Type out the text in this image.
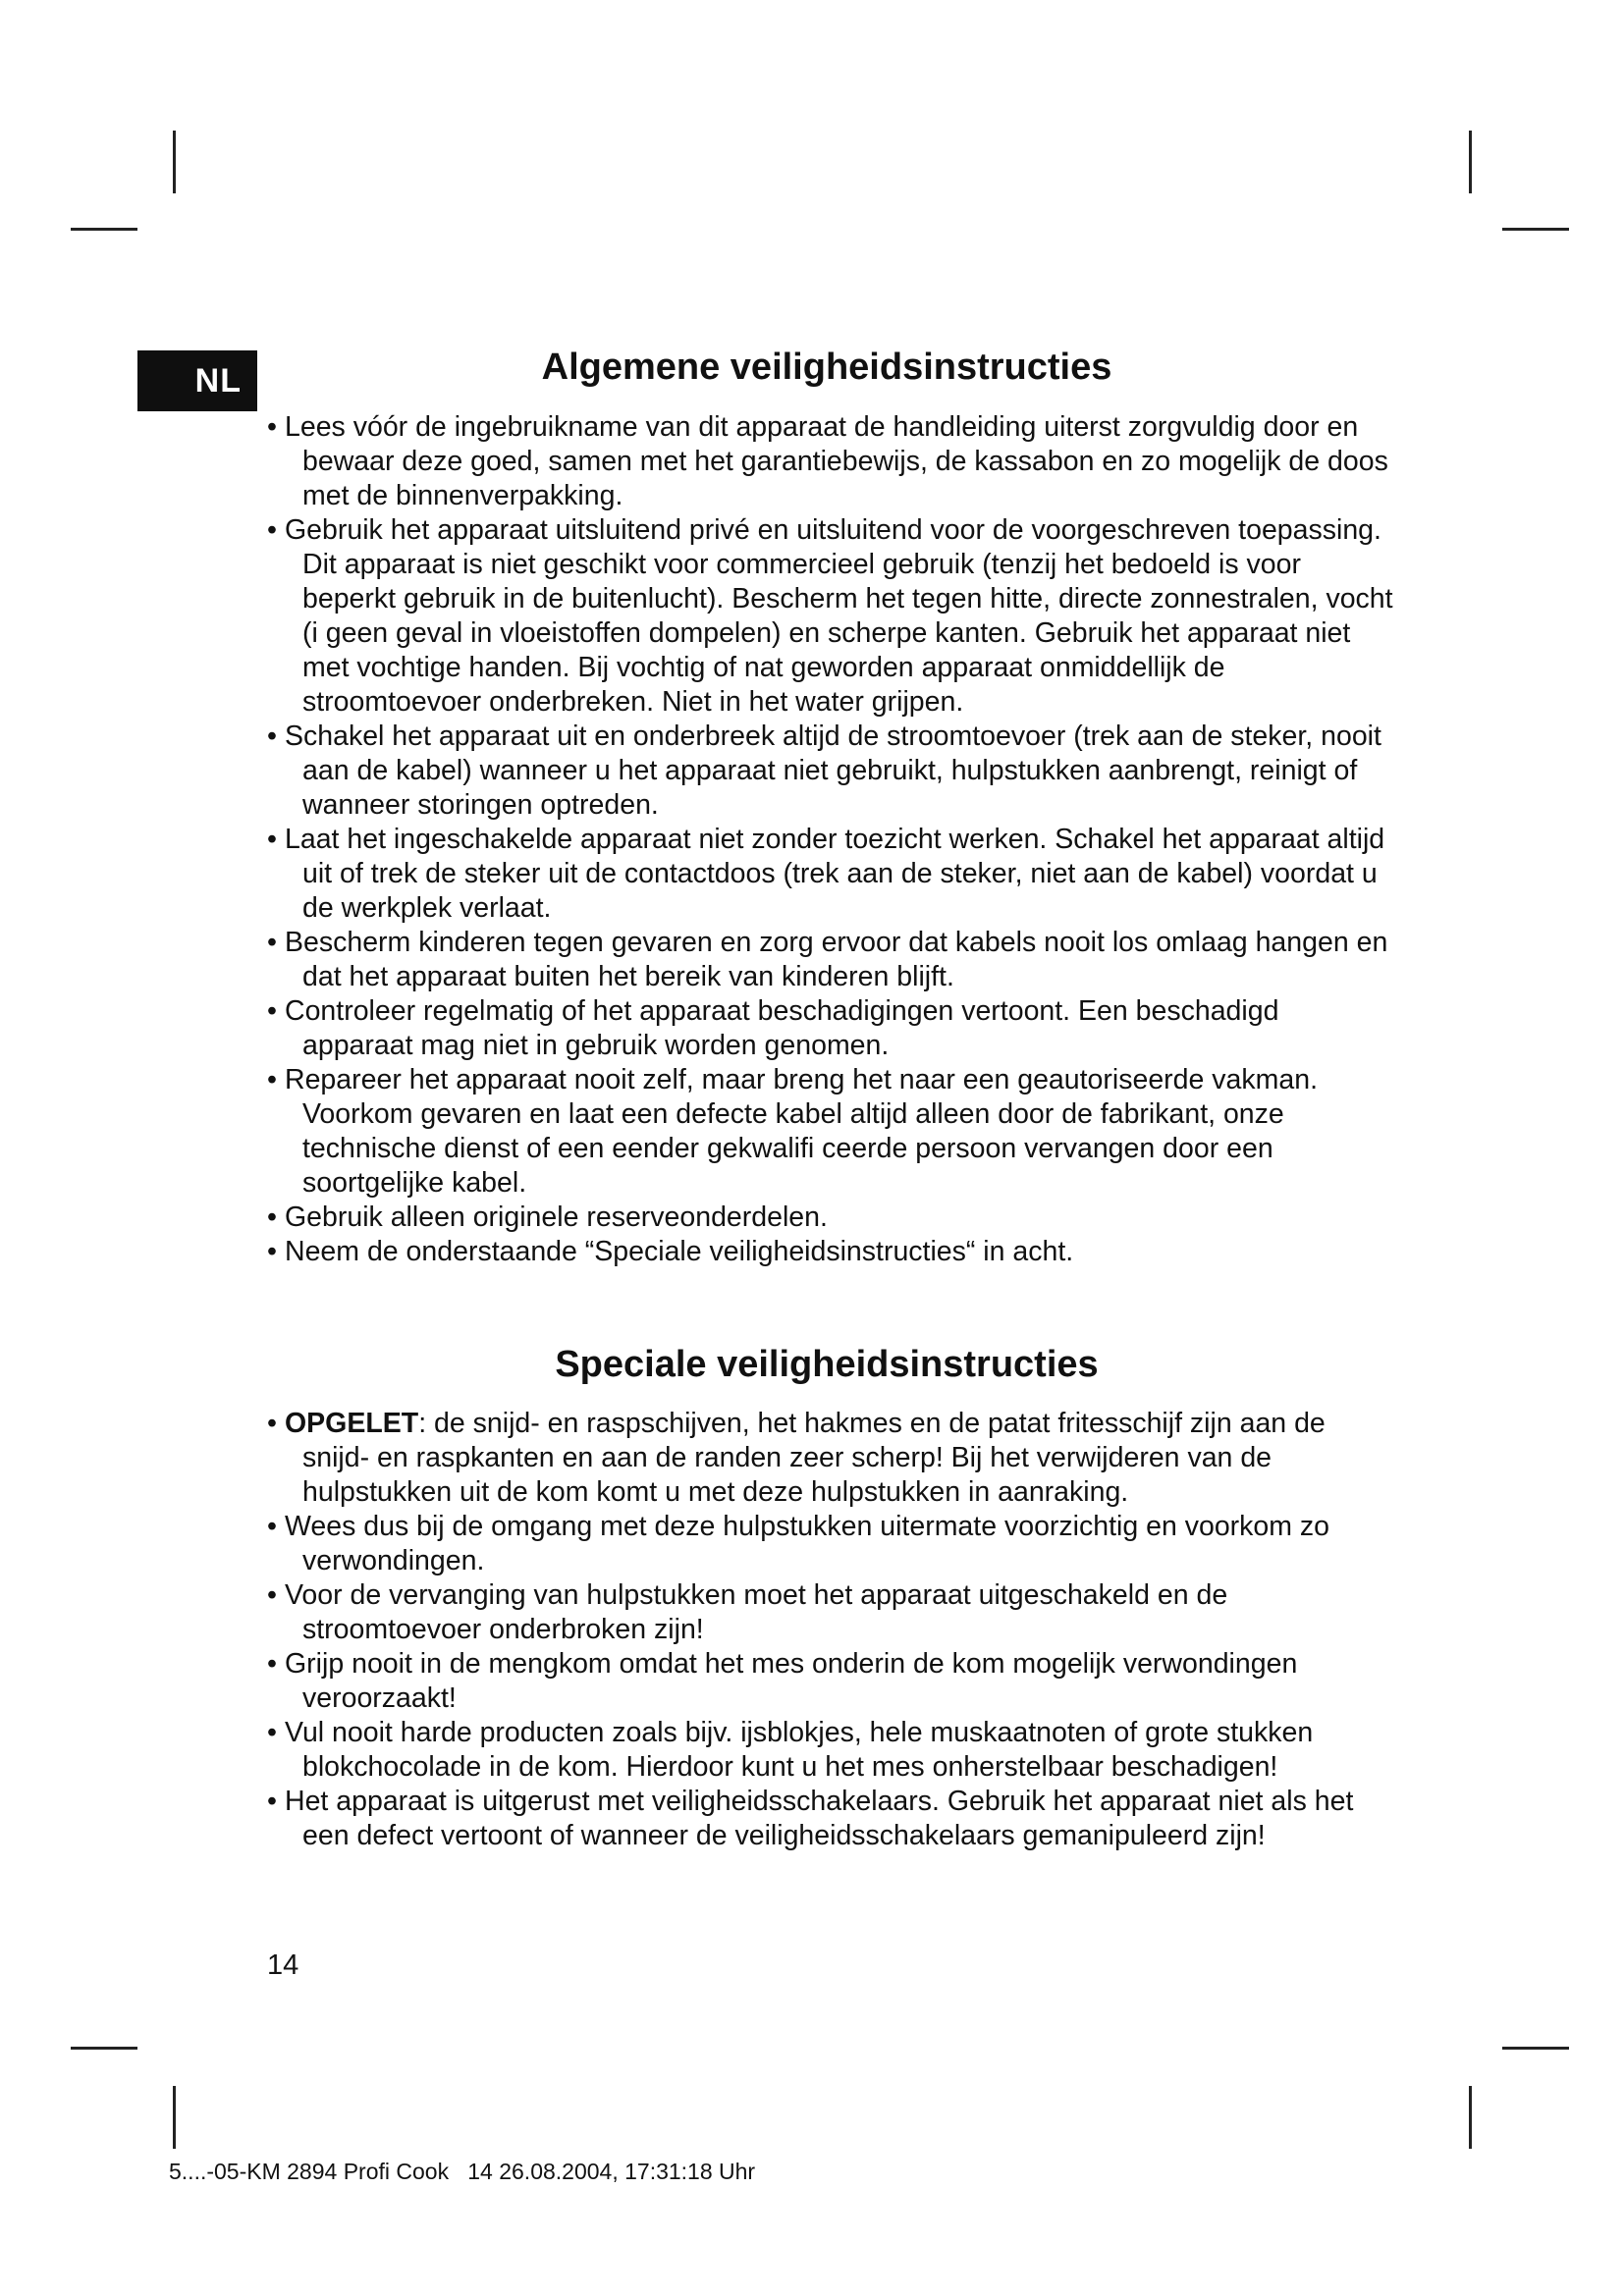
NL	Algemene veiligheidsinstructies
• Lees vóór de ingebruikname van dit apparaat de handleiding uiterst zorgvuldig door en bewaar deze goed, samen met het garantiebewijs, de kassabon en zo mogelijk de doos met de binnenverpakking.
• Gebruik het apparaat uitsluitend privé en uitsluitend voor de voorgeschreven toepassing. Dit apparaat is niet geschikt voor commercieel gebruik (tenzij het bedoeld is voor beperkt gebruik in de buitenlucht). Bescherm het tegen hitte, directe zonnestralen, vocht (i geen geval in vloeistoffen dompelen) en scherpe kanten. Gebruik het apparaat niet met vochtige handen. Bij vochtig of nat geworden apparaat onmiddellijk de stroomtoevoer onderbreken. Niet in het water grijpen.
• Schakel het apparaat uit en onderbreek altijd de stroomtoevoer (trek aan de steker, nooit aan de kabel) wanneer u het apparaat niet gebruikt, hulpstukken aanbrengt, reinigt of wanneer storingen optreden.
• Laat het ingeschakelde apparaat niet zonder toezicht werken. Schakel het apparaat altijd uit of trek de steker uit de contactdoos (trek aan de steker, niet aan de kabel) voordat u de werkplek verlaat.
• Bescherm kinderen tegen gevaren en zorg ervoor dat kabels nooit los omlaag hangen en dat het apparaat buiten het bereik van kinderen blijft.
• Controleer regelmatig of het apparaat beschadigingen vertoont. Een beschadigd apparaat mag niet in gebruik worden genomen.
• Repareer het apparaat nooit zelf, maar breng het naar een geautoriseerde vakman. Voorkom gevaren en laat een defecte kabel altijd alleen door de fabrikant, onze technische dienst of een eender gekwalifi ceerde persoon vervangen door een soortgelijke kabel.
• Gebruik alleen originele reserveonderdelen.
• Neem de onderstaande “Speciale veiligheidsinstructies“ in acht.
Speciale veiligheidsinstructies
• OPGELET: de snijd- en raspschijven, het hakmes en de patat fritesschijf zijn aan de snijd- en raspkanten en aan de randen zeer scherp! Bij het verwijderen van de hulpstukken uit de kom komt u met deze hulpstukken in aanraking.
• Wees dus bij de omgang met deze hulpstukken uitermate voorzichtig en voorkom zo verwondingen.
• Voor de vervanging van hulpstukken moet het apparaat uitgeschakeld en de stroomtoevoer onderbroken zijn!
• Grijp nooit in de mengkom omdat het mes onderin de kom mogelijk verwondingen veroorzaakt!
• Vul nooit harde producten zoals bijv. ijsblokjes, hele muskaatnoten of grote stukken blokchocolade in de kom. Hierdoor kunt u het mes onherstelbaar beschadigen!
• Het apparaat is uitgerust met veiligheidsschakelaars. Gebruik het apparaat niet als het een defect vertoont of wanneer de veiligheidsschakelaars gemanipuleerd zijn!
14
5....-05-KM 2894 Profi Cook   14 26.08.2004, 17:31:18 Uhr
